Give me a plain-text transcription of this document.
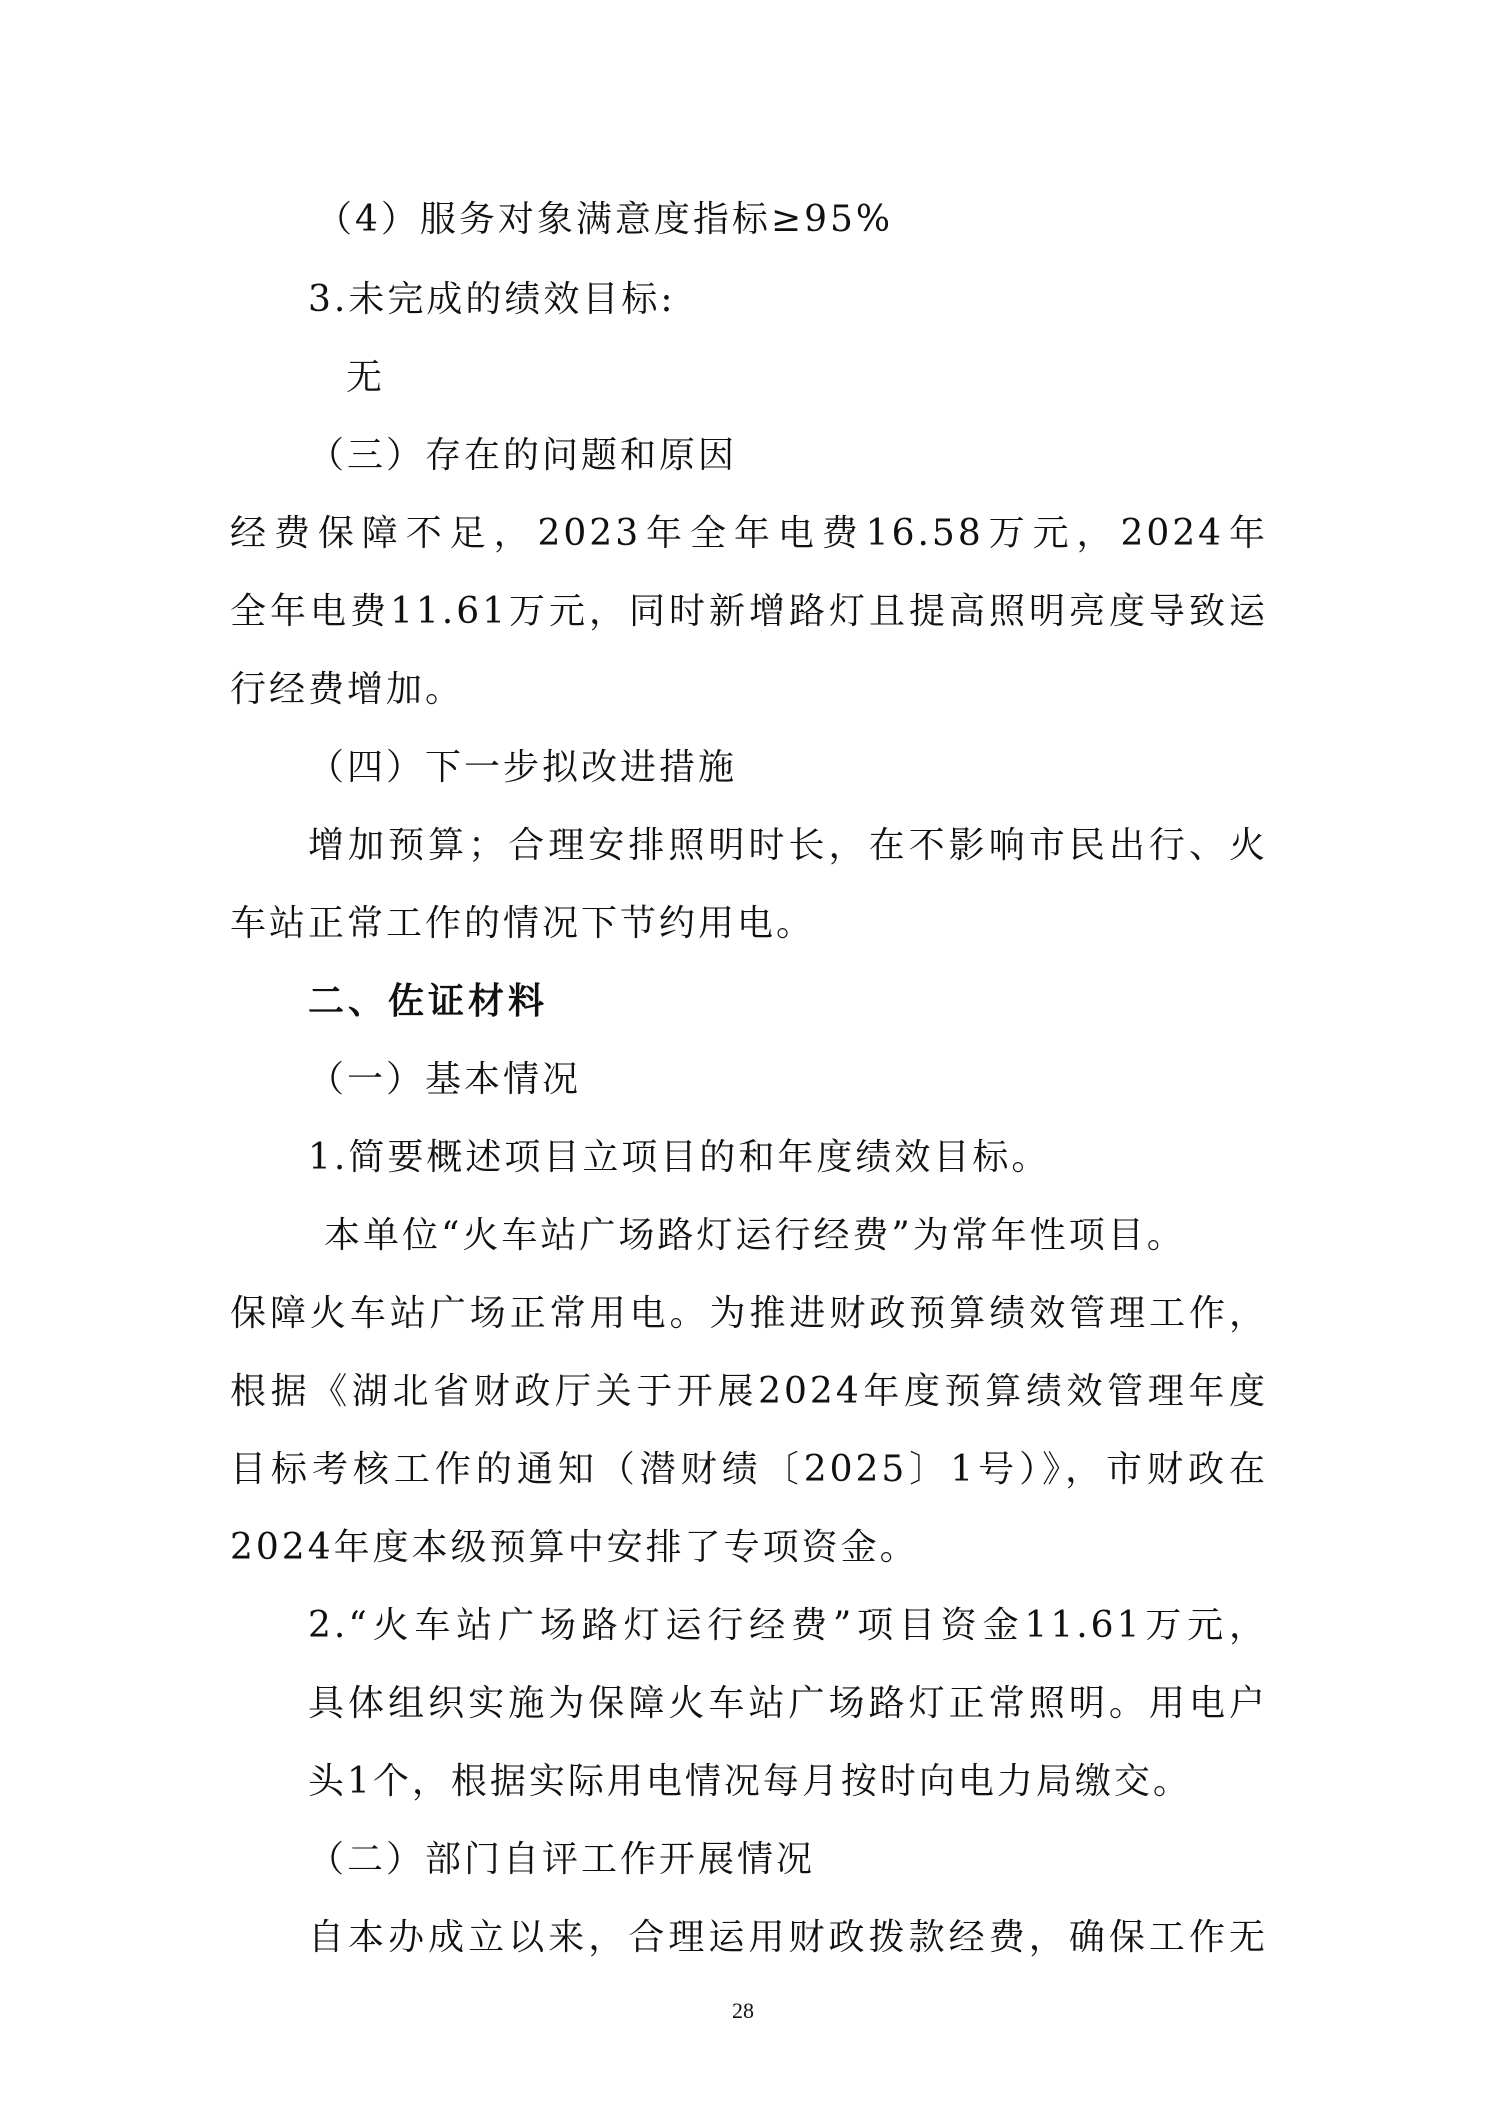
（4）服务对象满意度指标≥95%
3.未完成的绩效目标:
无
（三）存在的问题和原因
经费保障不足，2023年全年电费16.58万元，2024年
全年电费11.61万元，同时新增路灯且提高照明亮度导致运
行经费增加。
（四）下一步拟改进措施
增加预算；合理安排照明时长，在不影响市民出行、火
车站正常工作的情况下节约用电。
二、佐证材料
（一）基本情况
1.简要概述项目立项目的和年度绩效目标。
本单位“火车站广场路灯运行经费”为常年性项目。
保障火车站广场正常用电。为推进财政预算绩效管理工作，
根据《湖北省财政厅关于开展2024年度预算绩效管理年度
目标考核工作的通知（潜财绩〔2025〕1号）》，市财政在
2024年度本级预算中安排了专项资金。
2.“火车站广场路灯运行经费”项目资金11.61万元，
具体组织实施为保障火车站广场路灯正常照明。用电户
头1个，根据实际用电情况每月按时向电力局缴交。
（二）部门自评工作开展情况
自本办成立以来，合理运用财政拨款经费，确保工作无
28
